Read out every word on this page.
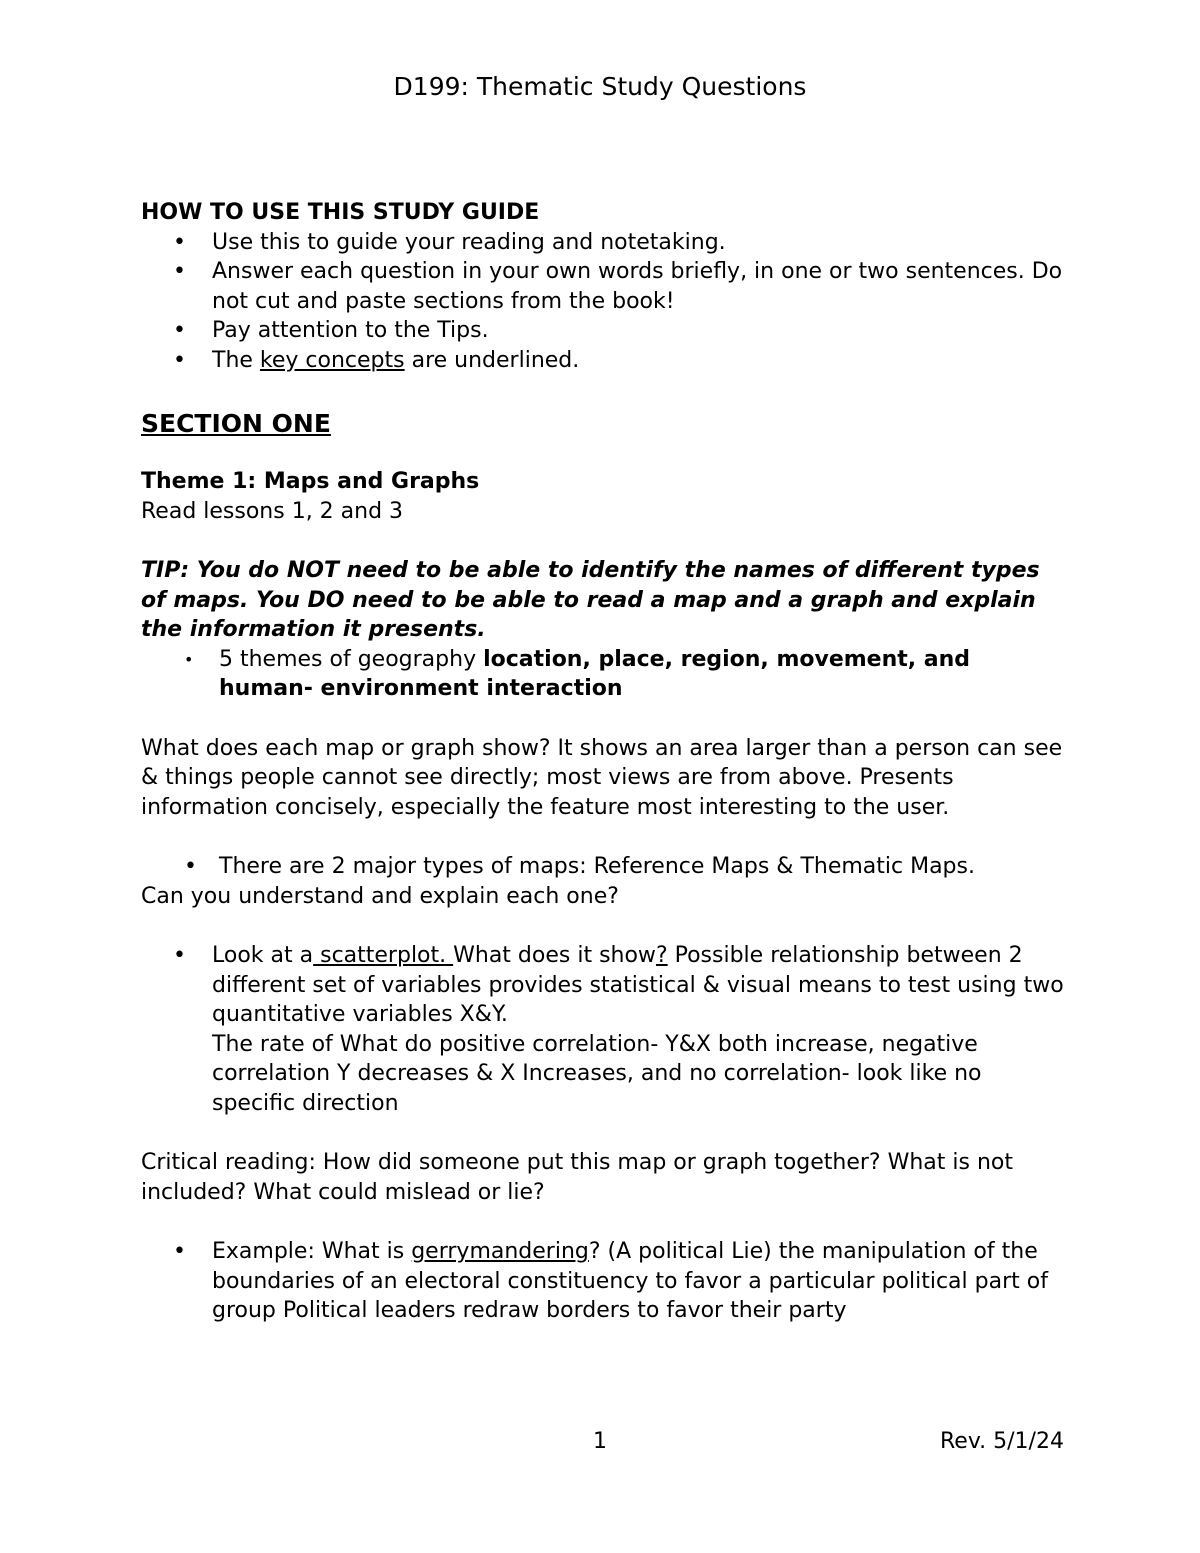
D199: Thematic Study Questions

HOW TO USE THIS STUDY GUIDE

• Use this to guide your reading and notetaking.
• Answer each question in your own words briefly, in one or two sentences. Do not cut and paste sections from the book!
• Pay attention to the Tips.
• The key concepts are underlined.

SECTION ONE

Theme 1: Maps and Graphs

Read lessons 1, 2 and 3

TIP: You do NOT need to be able to identify the names of different types of maps. You DO need to be able to read a map and a graph and explain the information it presents.

• 5 themes of geography location, place, region, movement, and human- environment interaction

What does each map or graph show? It shows an area larger than a person can see & things people cannot see directly; most views are from above. Presents information concisely, especially the feature most interesting to the user.

• There are 2 major types of maps: Reference Maps & Thematic Maps.

Can you understand and explain each one?

• Look at a scatterplot. What does it show? Possible relationship between 2 different set of variables provides statistical & visual means to test using two quantitative variables X&Y.
The rate of What do positive correlation- Y&X both increase, negative correlation Y decreases & X Increases, and no correlation- look like no specific direction

Critical reading: How did someone put this map or graph together? What is not included? What could mislead or lie?

• Example: What is gerrymandering? (A political Lie) the manipulation of the boundaries of an electoral constituency to favor a particular political part of group Political leaders redraw borders to favor their party
1	Rev. 5/1/24
